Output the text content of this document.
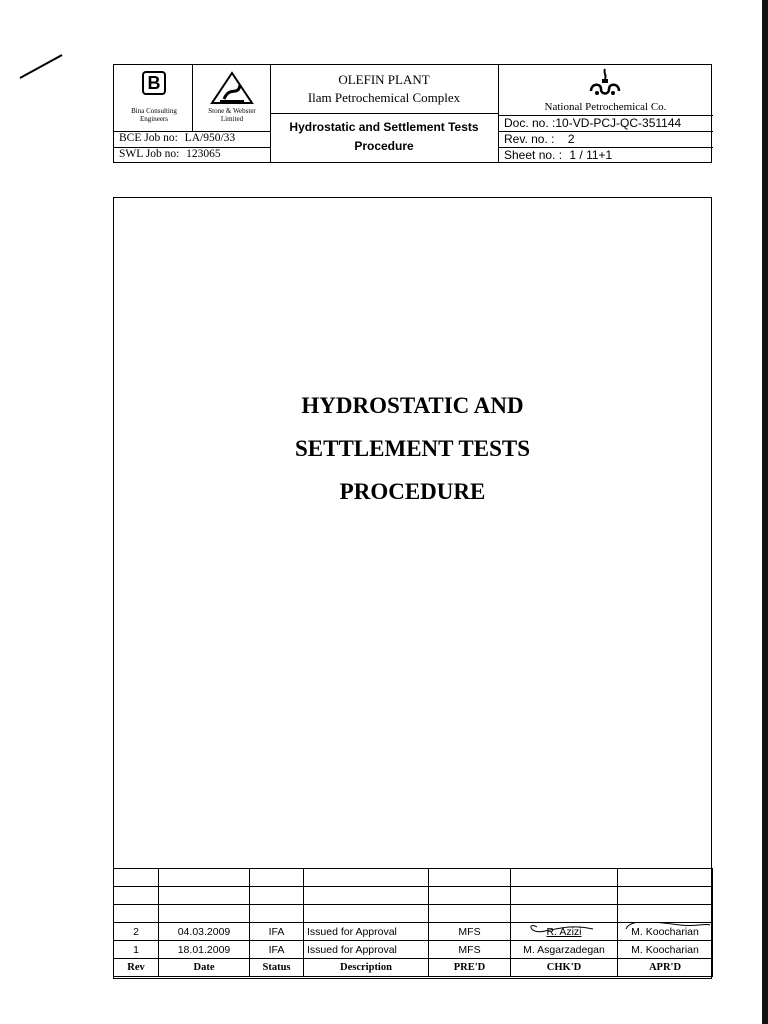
B
Bina Consulting
Engineers
Stone & Webster
Limited
BCE Job no: LA/950/33
SWL Job no: 123065
OLEFIN PLANT
Ilam Petrochemical Complex
Hydrostatic and Settlement Tests
Procedure
National Petrochemical Co.
Doc. no. :10-VD-PCJ-QC-351144
Rev. no. : 2
Sheet no. : 1 / 11+1
HYDROSTATIC AND
SETTLEMENT TESTS
PROCEDURE

2	04.03.2009	IFA	Issued for Approval	MFS	R. Azizi	M. Koocharian

1	18.01.2009	IFA	Issued for Approval	MFS	M. Asgarzadegan	M. Koocharian
Rev	Date	Status	Description	PRE'D	CHK'D	APR'D
